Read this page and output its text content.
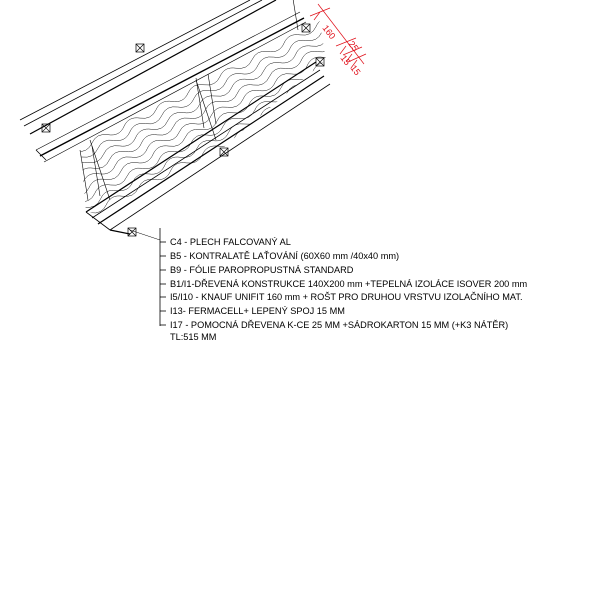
160
25
15
15
C4 - PLECH FALCOVANÝ AL
B5 - KONTRALATĚ LAŤOVÁNÍ (60X60 mm /40x40 mm)
B9 - FÓLIE PAROPROPUSTNÁ STANDARD
B1/I1-DŘEVENÁ KONSTRUKCE 140X200 mm +TEPELNÁ IZOLÁCE ISOVER 200 mm
I5/I10 - KNAUF UNIFIT 160 mm + ROŠT PRO DRUHOU VRSTVU IZOLAČNÍHO MAT.
I13- FERMACELL+ LEPENÝ SPOJ 15 MM
I17 - POMOCNÁ DŘEVENA K-CE 25 MM +SÁDROKARTON 15 MM (+K3 NÁTĚR)
TL:515 MM
